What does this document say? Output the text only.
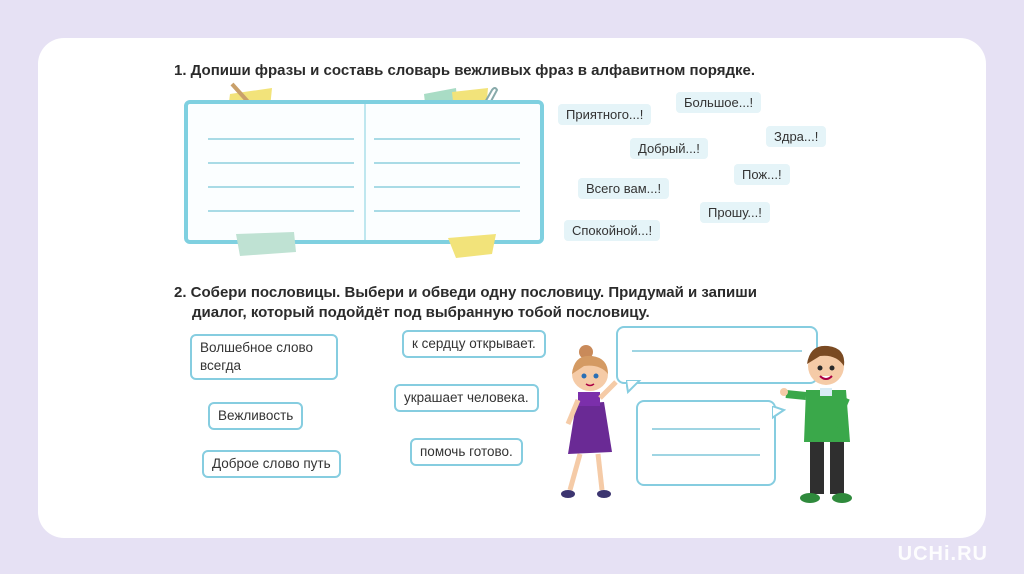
1. Допиши фразы и составь словарь вежливых фраз в алфавитном порядке.

Приятного...!
Большое...!
Здра...!
Добрый...!
Пож...!
Всего вам...!
Прошу...!
Спокойной...!

2. Собери пословицы. Выбери и обведи одну пословицу. Придумай и запиши

диалог, который подойдёт под выбранную тобой пословицу.

Волшебное слово всегда
Вежливость
Доброе слово путь
к сердцу открывает.
украшает человека.
помочь готово.
UCHi.RU
